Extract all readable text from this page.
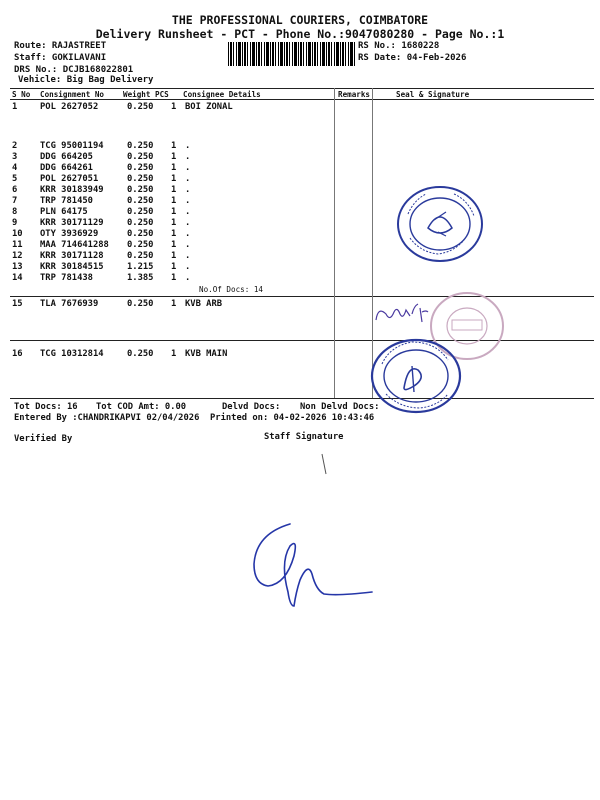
THE PROFESSIONAL COURIERS, COIMBATORE
Delivery Runsheet - PCT - Phone No.:9047080280 - Page No.:1
Route: RAJASTREET
Staff: GOKILAVANI
DRS No.: DCJB168022801
Vehicle: Big Bag Delivery
RS No.: 1680228
RS Date: 04-Feb-2026
S No Consignment No Weight PCS Consignee Details	Remarks	Seal & Signature
1	POL 2627052	0.250 1 BOI ZONAL
2	TCG 95001194	0.250 1 .
3	DDG 664205	0.250 1 .
4	DDG 664261	0.250 1 .
5	POL 2627051	0.250 1 .
6	KRR 30183949	0.250 1 .
7	TRP 781450	0.250 1 .
8	PLN 64175	0.250 1 .
9	KRR 30171129	0.250 1 .
10 OTY 3936929	0.250 1 .
11 MAA 714641288 0.250 1 .
12 KRR 30171128	0.250 1 .
13 KRR 30184515	1.215 1 .
14 TRP 781438	1.385 1 .
15 TLA 7676939	0.250 1 KVB ARB
16 TCG 10312814	0.250 1 KVB MAIN
No.Of Docs: 14
Tot Docs: 16 Tot COD Amt: 0.00	Delvd Docs: Non Delvd Docs:
Entered By :CHANDRIKAPVI 02/04/2026 Printed on: 04-02-2026 10:43:46
Verified By	Staff Signature
